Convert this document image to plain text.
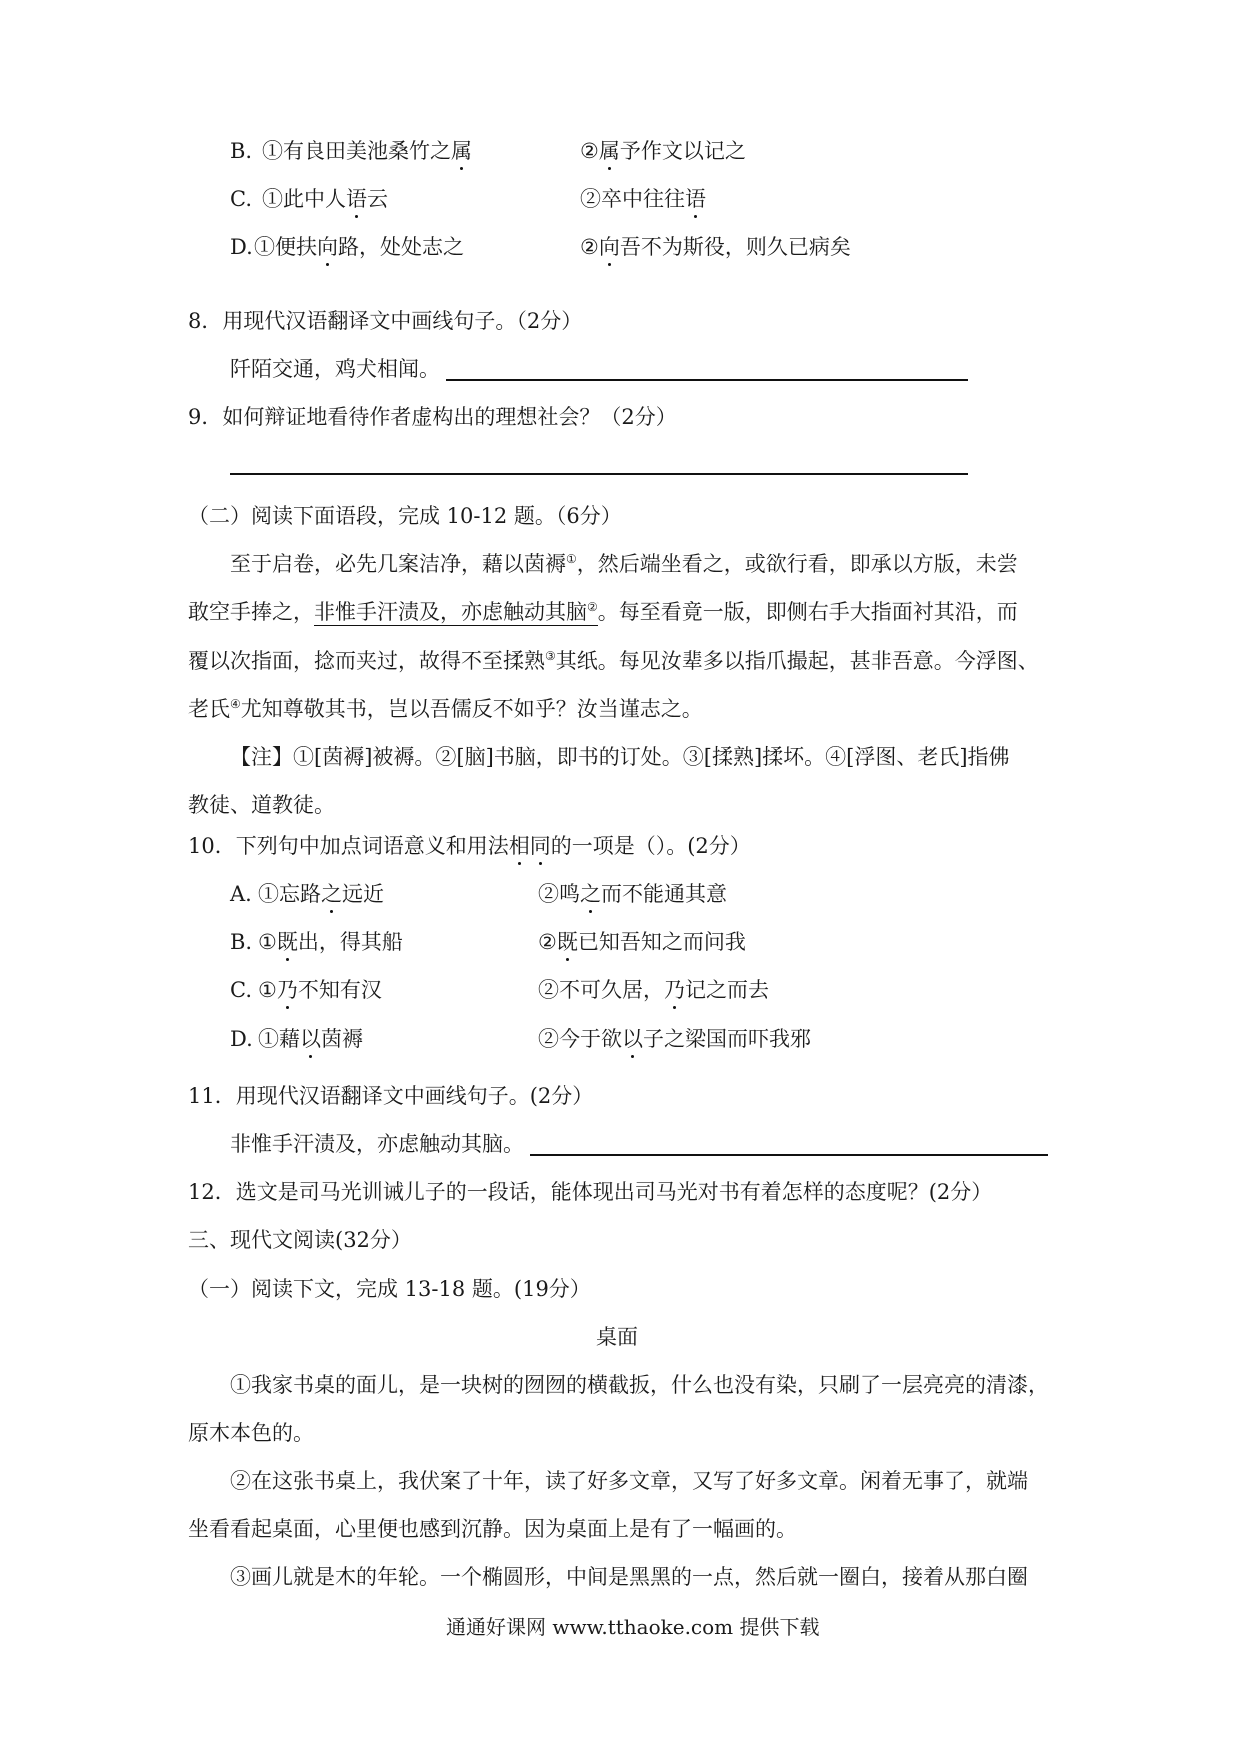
B. ①有良田美池桑竹之属	②属予作文以记之
C. ①此中人语云	②卒中往往语
D. ①便扶向路，处处志之	②向吾不为斯役，则久已病矣
8．用现代汉语翻译文中画线句子。（2分）
阡陌交通，鸡犬相闻。
9．如何辩证地看待作者虚构出的理想社会？（2分）
（二）阅读下面语段，完成 10-12 题。（6分）
至于启卷，必先几案洁净，藉以茵褥①，然后端坐看之，或欲行看，即承以方版，未尝
敢空手捧之，非惟手汗渍及，亦虑触动其脑②。每至看竟一版，即侧右手大指面衬其沿，而
覆以次指面，捻而夹过，故得不至揉熟③其纸。每见汝辈多以指爪撮起，甚非吾意。今浮图、
老氏④尤知尊敬其书，岂以吾儒反不如乎？汝当谨志之。
【注】①[茵褥]被褥。②[脑]书脑，即书的订处。③[揉熟]揉坏。④[浮图、老氏]指佛
教徒、道教徒。
10．下列句中加点词语意义和用法相同的一项是（）。(2分）
A. ①忘路之远近	②鸣之而不能通其意
B. ①既出，得其船	②既已知吾知之而问我
C. ①乃不知有汉	②不可久居，乃记之而去
D. ①藉以茵褥	②今于欲以子之梁国而吓我邪
11．用现代汉语翻译文中画线句子。(2分）
非惟手汗渍及，亦虑触动其脑。
12．选文是司马光训诫儿子的一段话，能体现出司马光对书有着怎样的态度呢？(2分）
三、现代文阅读(32分）
（一）阅读下文，完成 13-18 题。(19分）
桌面
①我家书桌的面儿，是一块树的囫囫的横截扳，什么也没有染，只刷了一层亮亮的清漆，
原木本色的。
②在这张书桌上，我伏案了十年，读了好多文章，又写了好多文章。闲着无事了，就端
坐看看起桌面，心里便也感到沉静。因为桌面上是有了一幅画的。
③画儿就是木的年轮。一个椭圆形，中间是黑黑的一点，然后就一圈白，接着从那白圈
通通好课网 www.tthaoke.com 提供下载
